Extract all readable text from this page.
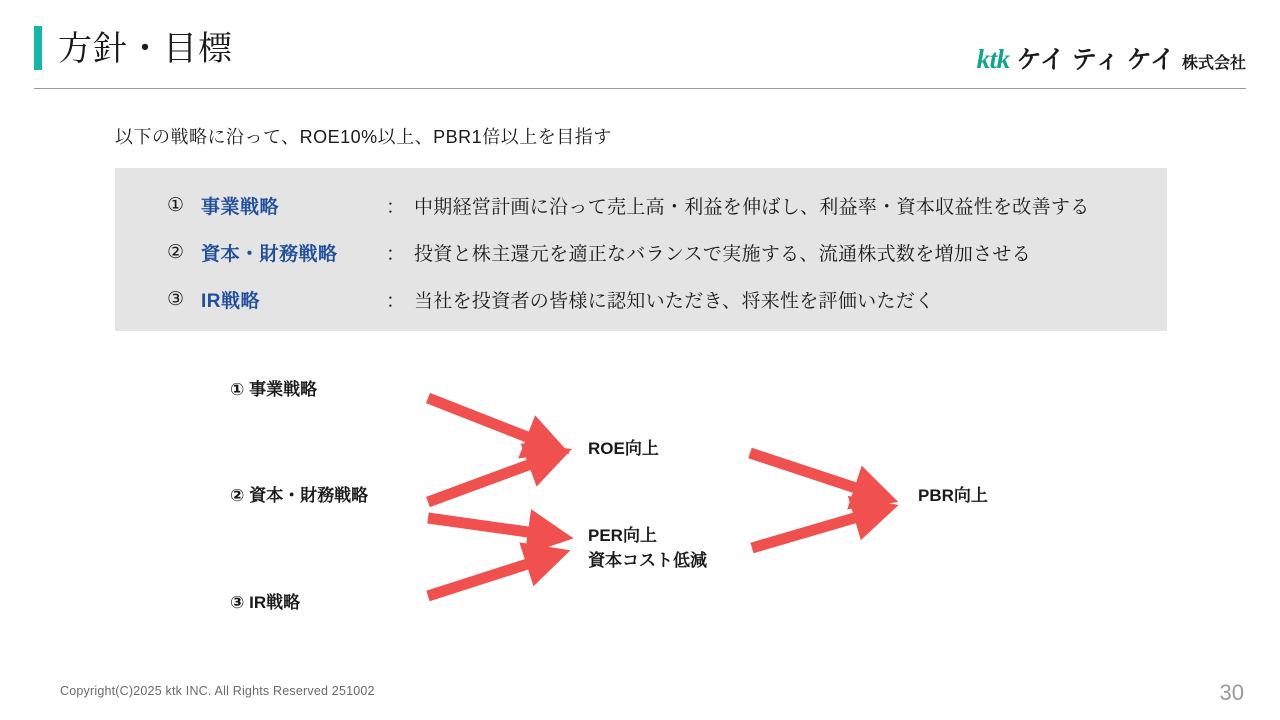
方針・目標	ktk ケイ ティ ケイ 株式会社
以下の戦略に沿って、ROE10%以上、PBR1倍以上を目指す
① 事業戦略	： 中期経営計画に沿って売上高・利益を伸ばし、利益率・資本収益性を改善する
② 資本・財務戦略	： 投資と株主還元を適正なバランスで実施する、流通株式数を増加させる
③ IR戦略	： 当社を投資者の皆様に認知いただき、将来性を評価いただく
① 事業戦略
② 資本・財務戦略
③ IR戦略
ROE向上
PER向上
資本コスト低減
PBR向上
Copyright(C)2025 ktk INC. All Rights Reserved 251002	30
